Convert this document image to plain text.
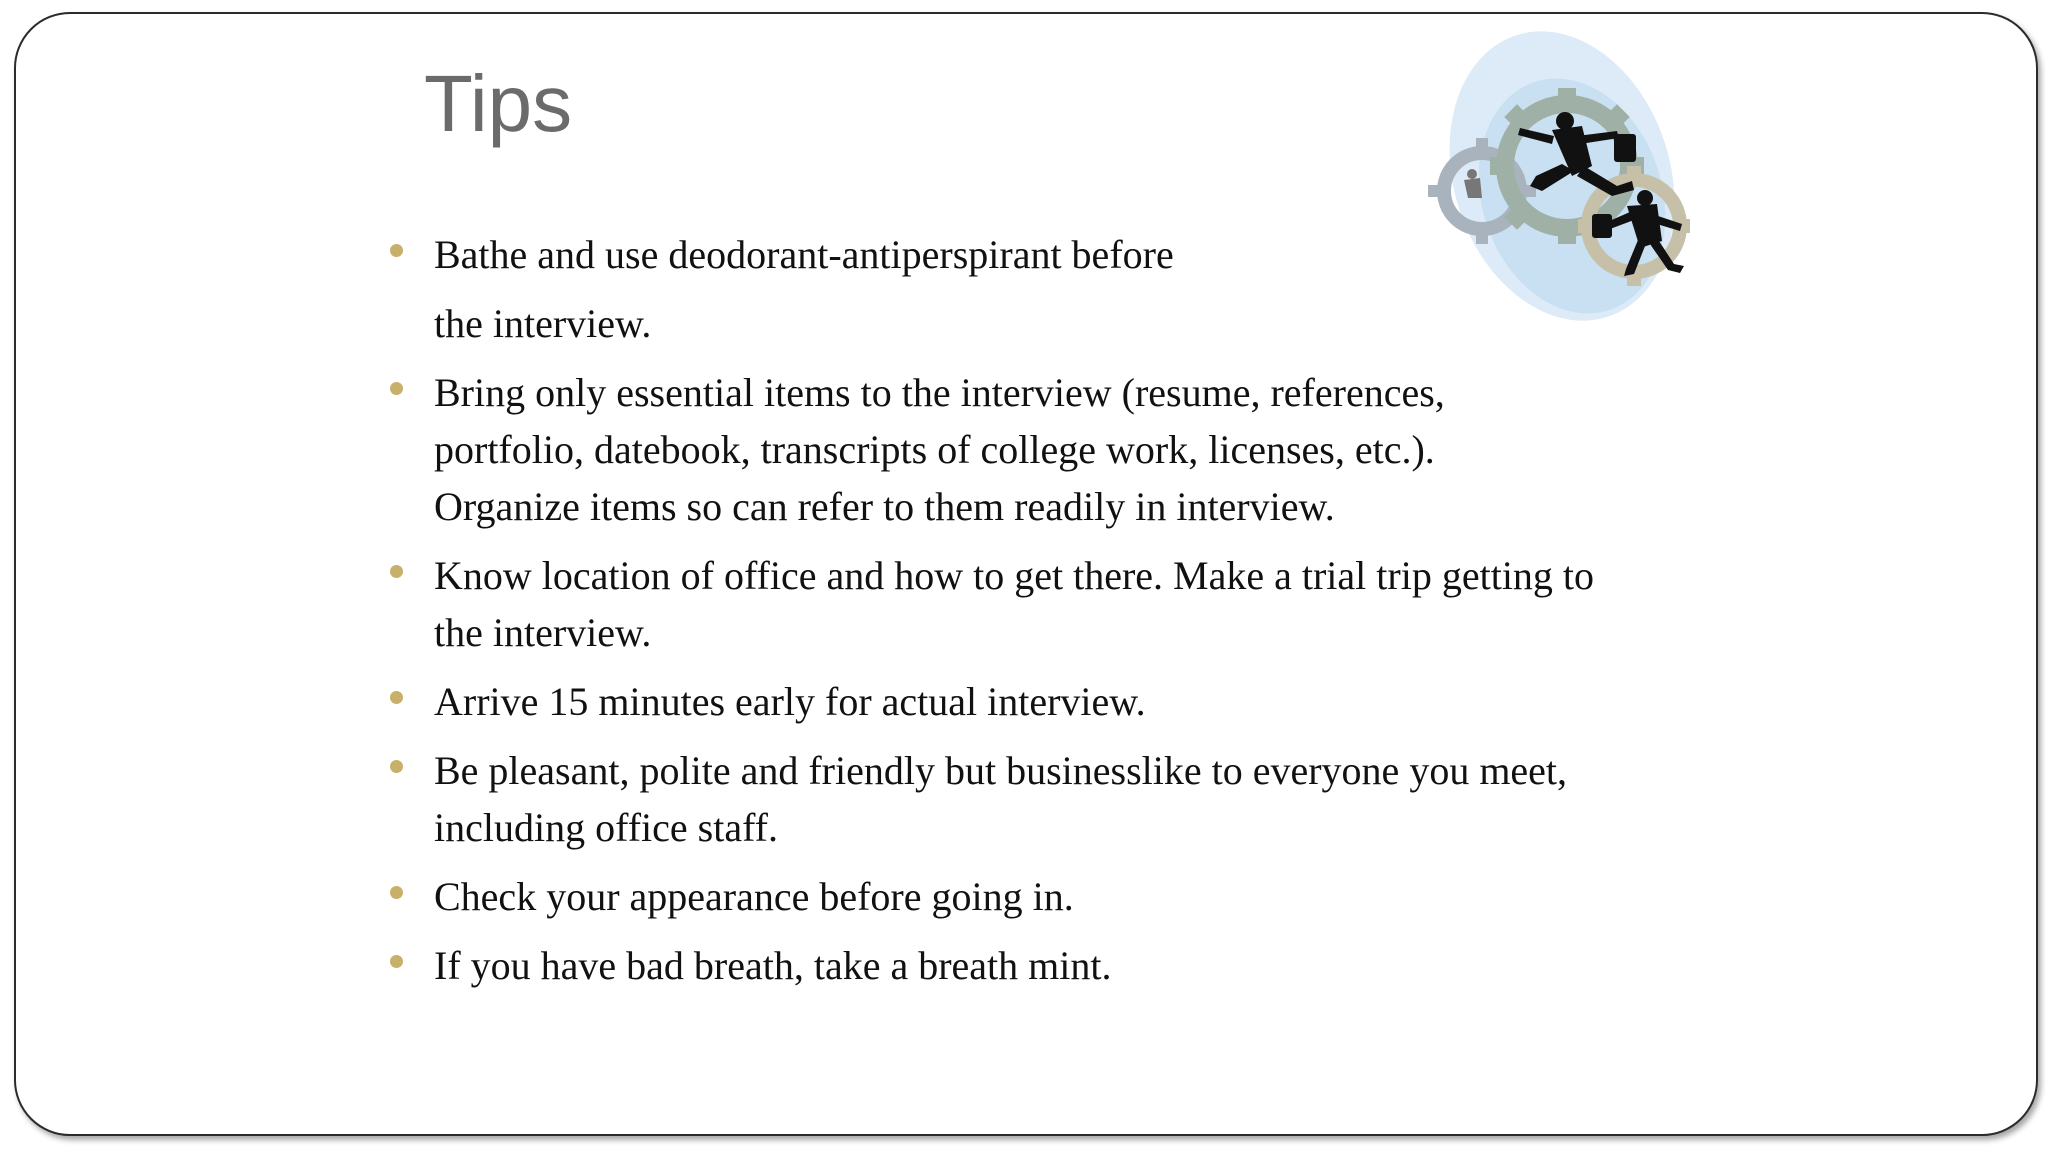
Tips
Bathe and use deodorant-antiperspirant before
the interview.
Bring only essential items to the interview (resume, references,
portfolio, datebook, transcripts of college work, licenses, etc.).
Organize items so can refer to them readily in interview.
Know location of office and how to get there. Make a trial trip getting to
the interview.
Arrive 15 minutes early for actual interview.
Be pleasant, polite and friendly but businesslike to everyone you meet,
including office staff.
Check your appearance before going in.
If you have bad breath, take a breath mint.
